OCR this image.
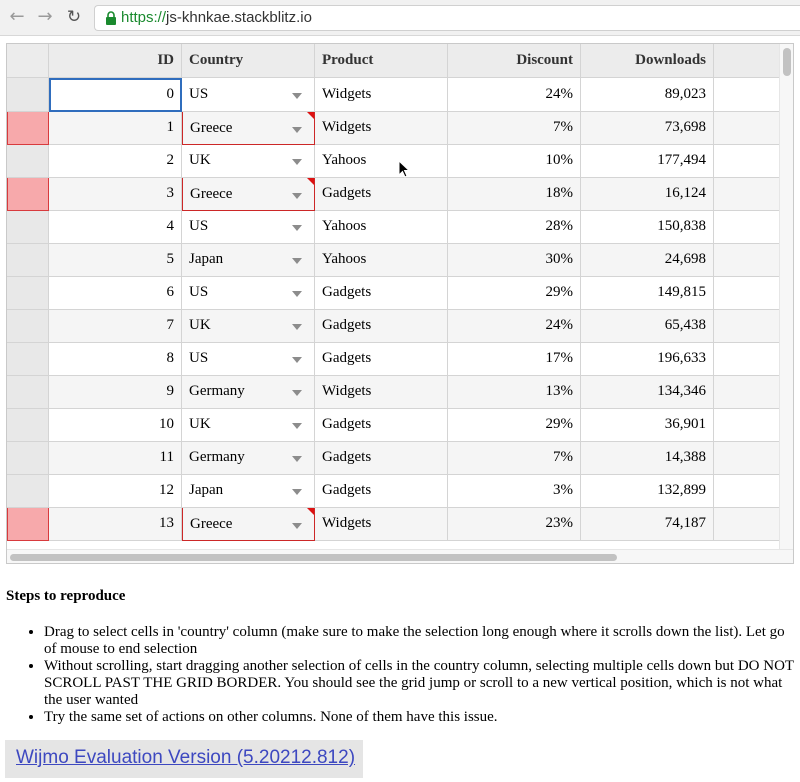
← → ↻	https://js-khnkae.stackblitz.io
74,187
23%
Widgets
Greece
13
132,899
3%
Gadgets
Japan
12
14,388
7%
Gadgets
Germany
11
36,901
29%
Gadgets
UK
10
134,346
13%
Widgets
Germany
9
196,633
17%
Gadgets
US
8
65,438
24%
Gadgets
UK
7
149,815
29%
Gadgets
US
6
24,698
30%
Yahoos
Japan
5
150,838
28%
Yahoos
US
4
16,124
18%
Gadgets
Greece
3
177,494
10%
Yahoos
UK
2
73,698
7%
Widgets
Greece
1
89,023
24%
Widgets
US
0
Downloads
Discount
Product
Country
ID
Steps to reproduce
• Drag to select cells in 'country' column (make sure to make the selection long enough where it scrolls down the list). Let go of mouse to end selection
• Without scrolling, start dragging another selection of cells in the country column, selecting multiple cells down but DO NOT SCROLL PAST THE GRID BORDER. You should see the grid jump or scroll to a new vertical position, which is not what the user wanted
• Try the same set of actions on other columns. None of them have this issue.
Wijmo Evaluation Version (5.20212.812)
